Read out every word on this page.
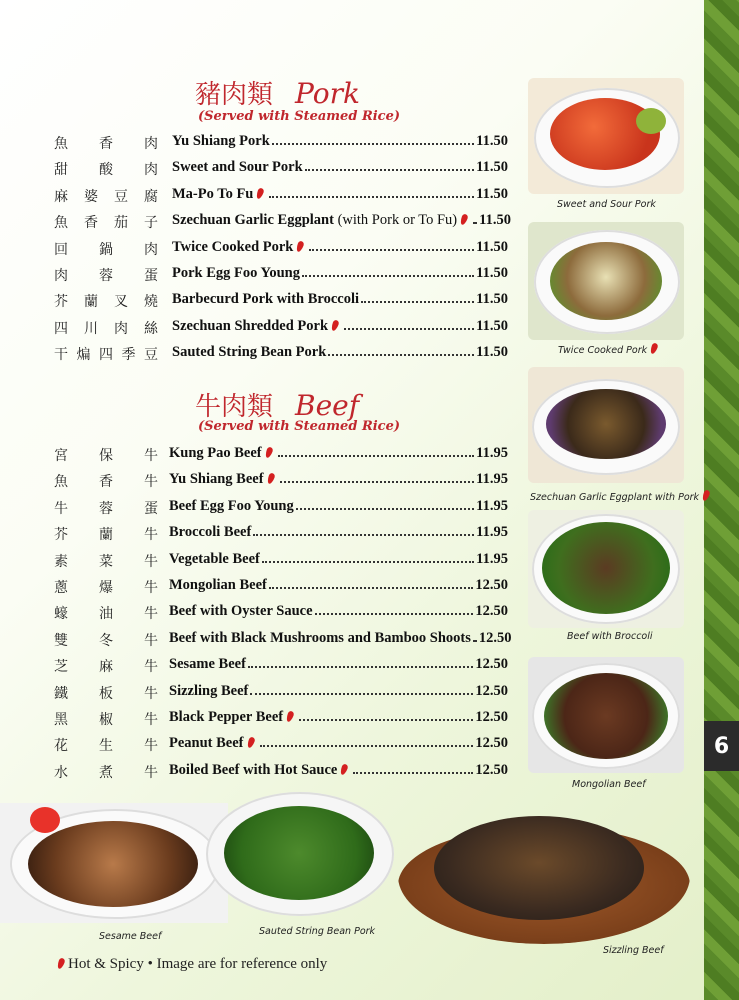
6
豬肉類 Pork
(Served with Steamed Rice)
魚 香 肉 Yu Shiang Pork	11.50
甜 酸 肉 Sweet and Sour Pork	11.50
麻 婆 豆 腐 Ma-Po To Fu	11.50
魚 香 茄 子 Szechuan Garlic Eggplant (with Pork or To Fu)	11.50
回 鍋 肉 Twice Cooked Pork	11.50
肉 蓉 蛋 Pork Egg Foo Young	11.50
芥 蘭 叉 燒 Barbecurd Pork with Broccoli	11.50
四 川 肉 絲 Szechuan Shredded Pork	11.50
干 煸 四 季 豆 Sauted String Bean Pork	11.50
牛肉類 Beef
(Served with Steamed Rice)
宮 保 牛 Kung Pao Beef	11.95
魚 香 牛 Yu Shiang Beef	11.95
牛 蓉 蛋 Beef Egg Foo Young	11.95
芥 蘭 牛 Broccoli Beef	11.95
素 菜 牛 Vegetable Beef	11.95
蔥 爆 牛 Mongolian Beef	12.50
蠔 油 牛 Beef with Oyster Sauce	12.50
雙 冬 牛 Beef with Black Mushrooms and Bamboo Shoots 12.50
芝 麻 牛 Sesame Beef	12.50
鐵 板 牛 Sizzling Beef	12.50
黑 椒 牛 Black Pepper Beef	12.50
花 生 牛 Peanut Beef	12.50
水 煮 牛 Boiled Beef with Hot Sauce	12.50
Sweet and Sour Pork
Twice Cooked Pork
Szechuan Garlic Eggplant with Pork
Beef with Broccoli
Mongolian Beef
Sesame Beef	Sauted String Bean Pork
Sizzling Beef
Hot & Spicy • Image are for reference only
